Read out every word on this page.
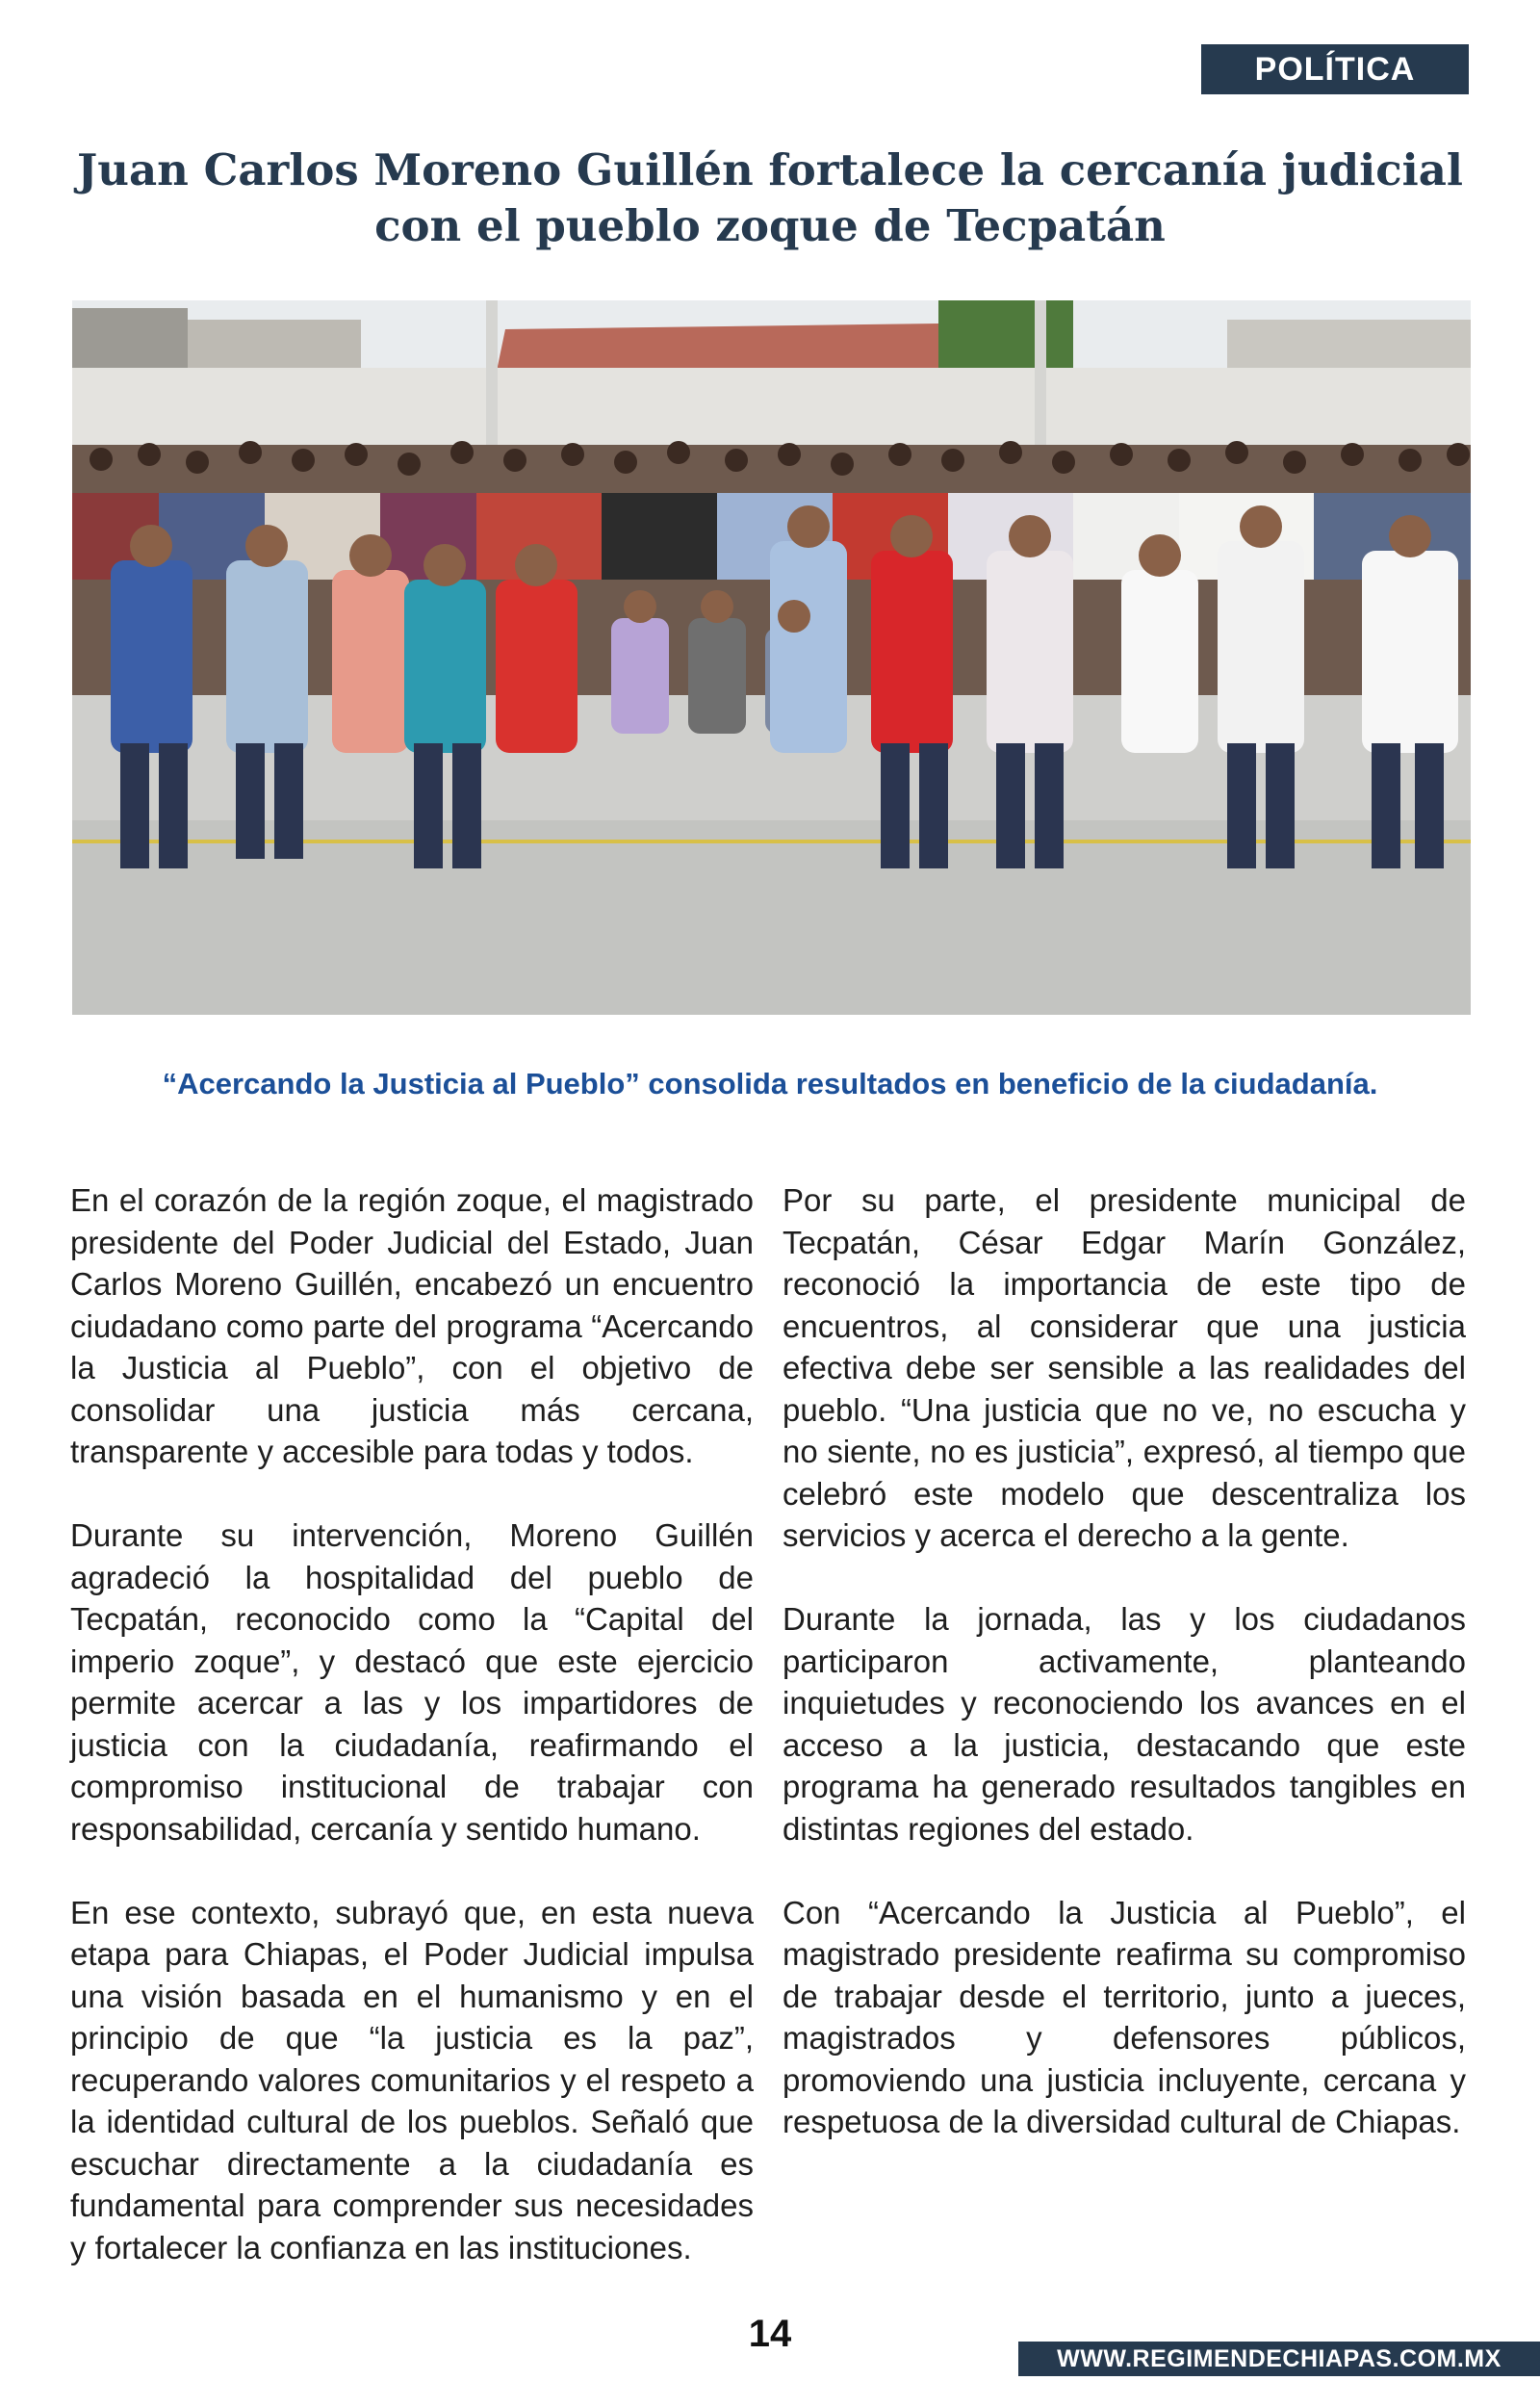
POLÍTICA
Juan Carlos Moreno Guillén fortalece la cercanía judicial con el pueblo zoque de Tecpatán

“Acercando la Justicia al Pueblo” consolida resultados en beneficio de la ciudadanía.

En el corazón de la región zoque, el magistrado presidente del Poder Judicial del Estado, Juan Carlos Moreno Guillén, encabezó un encuentro ciudadano como parte del programa “Acercando la Justicia al Pueblo”, con el objetivo de consolidar una justicia más cercana, transparente y accesible para todas y todos.

Durante su intervención, Moreno Guillén agradeció la hospitalidad del pueblo de Tecpatán, reconocido como la “Capital del imperio zoque”, y destacó que este ejercicio permite acercar a las y los impartidores de justicia con la ciudadanía, reafirmando el compromiso institucional de trabajar con responsabilidad, cercanía y sentido humano.

En ese contexto, subrayó que, en esta nueva etapa para Chiapas, el Poder Judicial impulsa una visión basada en el humanismo y en el principio de que “la justicia es la paz”, recuperando valores comunitarios y el respeto a la identidad cultural de los pueblos. Señaló que escuchar directamente a la ciudadanía es fundamental para comprender sus necesidades y fortalecer la confianza en las instituciones.

Por su parte, el presidente municipal de Tecpatán, César Edgar Marín González, reconoció la importancia de este tipo de encuentros, al considerar que una justicia efectiva debe ser sensible a las realidades del pueblo. “Una justicia que no ve, no escucha y no siente, no es justicia”, expresó, al tiempo que celebró este modelo que descentraliza los servicios y acerca el derecho a la gente.

Durante la jornada, las y los ciudadanos participaron activamente, planteando inquietudes y reconociendo los avances en el acceso a la justicia, destacando que este programa ha generado resultados tangibles en distintas regiones del estado.

Con “Acercando la Justicia al Pueblo”, el magistrado presidente reafirma su compromiso de trabajar desde el territorio, junto a jueces, magistrados y defensores públicos, promoviendo una justicia incluyente, cercana y respetuosa de la diversidad cultural de Chiapas.

14
WWW.REGIMENDECHIAPAS.COM.MX
